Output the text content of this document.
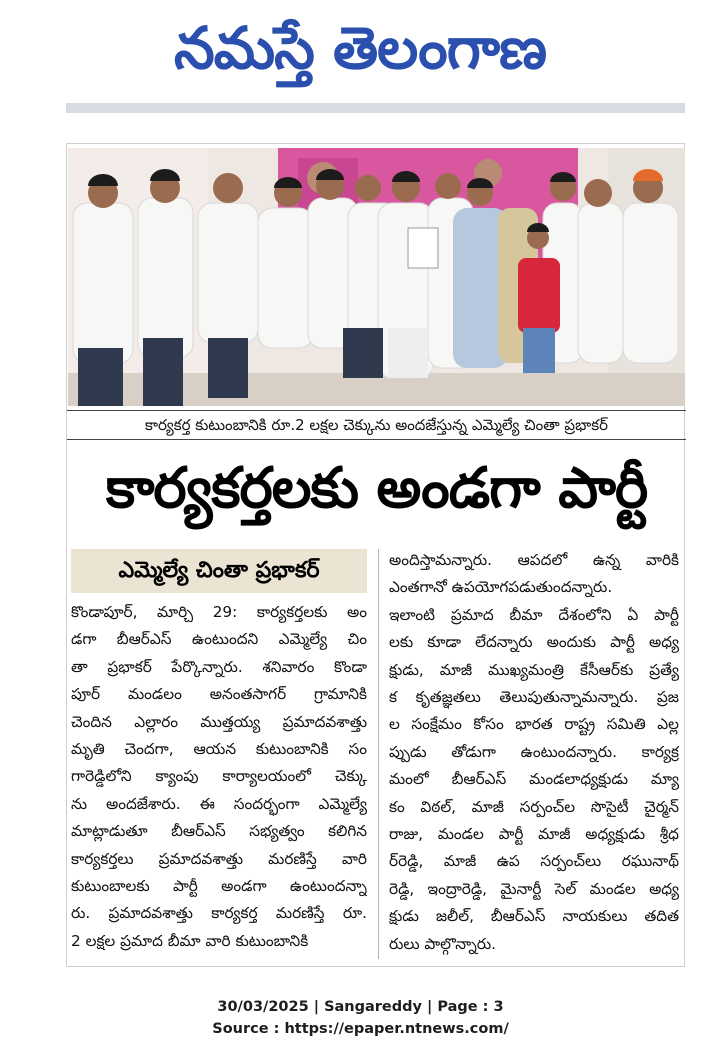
నమస్తే తెలంగాణ
కార్యకర్త కుటుంబానికి రూ.2 లక్షల చెక్కును అందజేస్తున్న ఎమ్మెల్యే చింతా ప్రభాకర్
కార్యకర్తలకు అండగా పార్టీ
ఎమ్మెల్యే చింతా ప్రభాకర్
కొండాపూర్, మార్చి 29: కార్యకర్తలకు అం
డగా బీఆర్ఎస్ ఉంటుందని ఎమ్మెల్యే చిం
తా ప్రభాకర్ పేర్కొన్నారు. శనివారం కొండా
పూర్ మండలం అనంతసాగర్ గ్రామానికి
చెందిన ఎల్లారం ముత్తయ్య ప్రమాదవశాత్తు
మృతి చెందగా, ఆయన కుటుంబానికి సం
గారెడ్డిలోని క్యాంపు కార్యాలయంలో చెక్కు
ను అందజేశారు. ఈ సందర్భంగా ఎమ్మెల్యే
మాట్లాడుతూ బీఆర్ఎస్ సభ్యత్వం కలిగిన
కార్యకర్తలు ప్రమాదవశాత్తు మరణిస్తే వారి
కుటుంబాలకు పార్టీ అండగా ఉంటుందన్నా
రు. ప్రమాదవశాత్తు కార్యకర్త మరణిస్తే రూ.
2 లక్షల ప్రమాద బీమా వారి కుటుంబానికి
అందిస్తామన్నారు. ఆపదలో ఉన్న వారికి
ఎంతగానో ఉపయోగపడుతుందన్నారు.
ఇలాంటి ప్రమాద బీమా దేశంలోని ఏ పార్టీ
లకు కూడా లేదన్నారు అందుకు పార్టీ అధ్య
క్షుడు, మాజీ ముఖ్యమంత్రి కేసీఆర్‌కు ప్రత్యే
క కృతజ్ఞతలు తెలుపుతున్నామన్నారు. ప్రజ
ల సంక్షేమం కోసం భారత రాష్ట్ర సమితి ఎల్ల
ప్పుడు తోడుగా ఉంటుందన్నారు. కార్యక్ర
మంలో బీఆర్ఎస్ మండలాధ్యక్షుడు మ్యా
కం విఠల్, మాజీ సర్పంచ్‌ల సొసైటీ చైర్మన్
రాజు, మండల పార్టీ మాజీ అధ్యక్షుడు శ్రీధ
ర్‌రెడ్డి, మాజీ ఉప సర్పంచ్‌లు రఘునాథ్
రెడ్డి, ఇంద్రారెడ్డి, మైనార్టీ సెల్ మండల అధ్య
క్షుడు జలీల్, బీఆర్ఎస్ నాయకులు తదిత
రులు పాల్గొన్నారు.
30/03/2025 | Sangareddy | Page : 3
Source : https://epaper.ntnews.com/
